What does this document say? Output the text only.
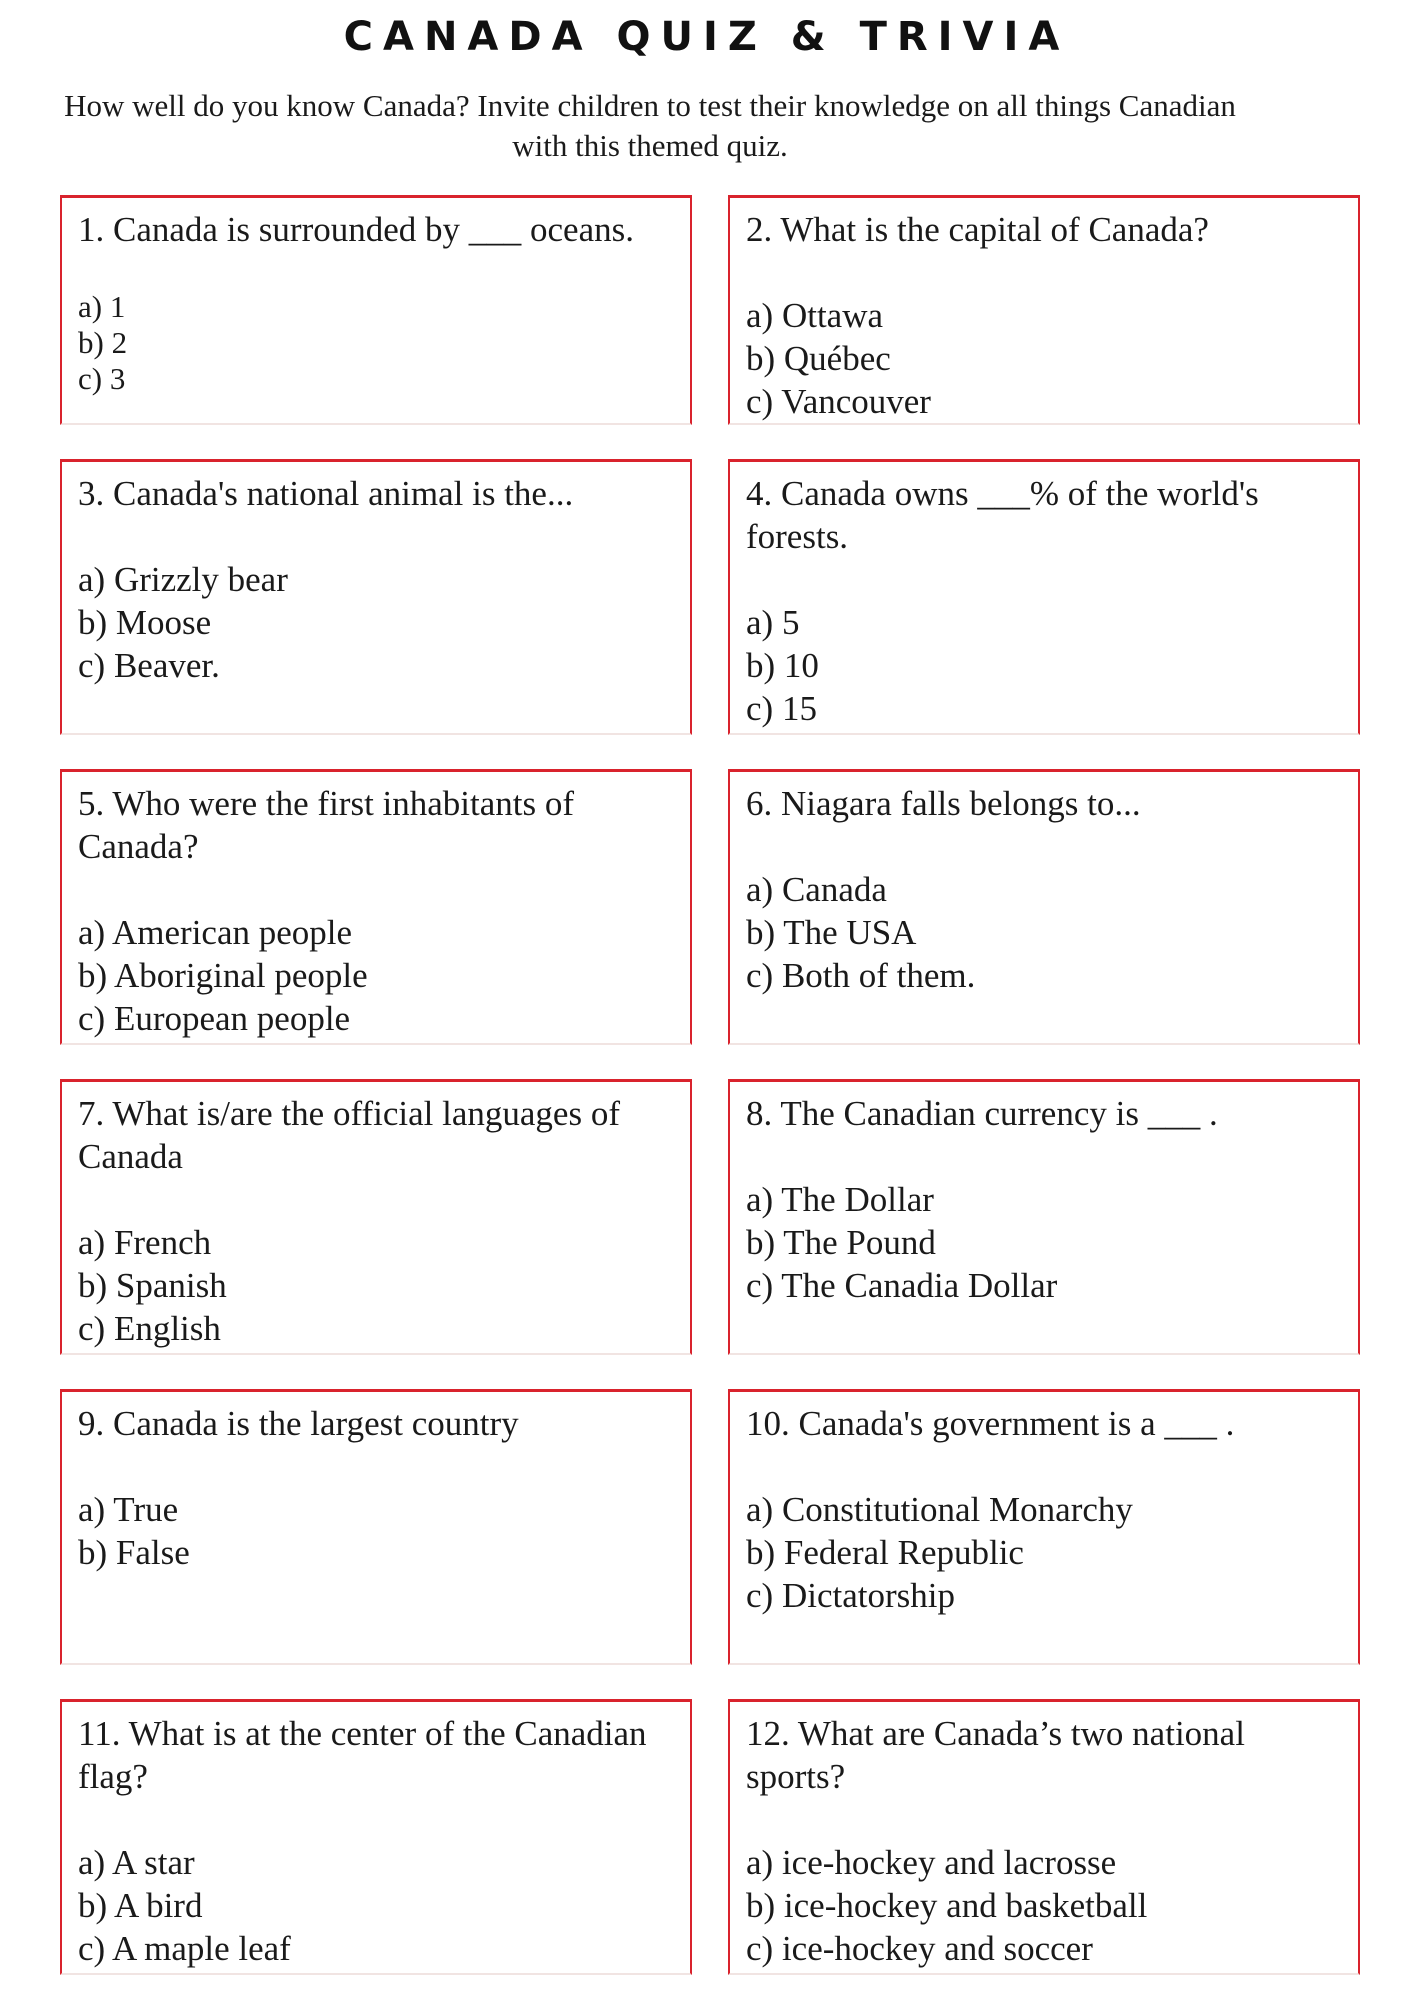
CANADA QUIZ & TRIVIA
How well do you know Canada? Invite children to test their knowledge on all things Canadian with this themed quiz.
1. Canada is surrounded by ___ oceans.
a) 1
b) 2
c) 3
2. What is the capital of Canada?
a) Ottawa
b) Québec
c) Vancouver
3. Canada's national animal is the...
a) Grizzly bear
b) Moose
c) Beaver.
4. Canada owns ___% of the world's forests.
a) 5
b) 10
c) 15
5. Who were the first inhabitants of Canada?
a) American people
b) Aboriginal people
c) European people
6. Niagara falls belongs to...
a) Canada
b) The USA
c) Both of them.
7. What is/are the official languages of Canada
a) French
b) Spanish
c) English
8. The Canadian currency is ___ .
a) The Dollar
b) The Pound
c) The Canadia Dollar
9. Canada is the largest country
a) True
b) False
10. Canada's government is a ___ .
a) Constitutional Monarchy
b) Federal Republic
c) Dictatorship
11. What is at the center of the Canadian flag?
a) A star
b) A bird
c) A maple leaf
12. What are Canada’s two national sports?
a) ice-hockey and lacrosse
b) ice-hockey and basketball
c) ice-hockey and soccer
